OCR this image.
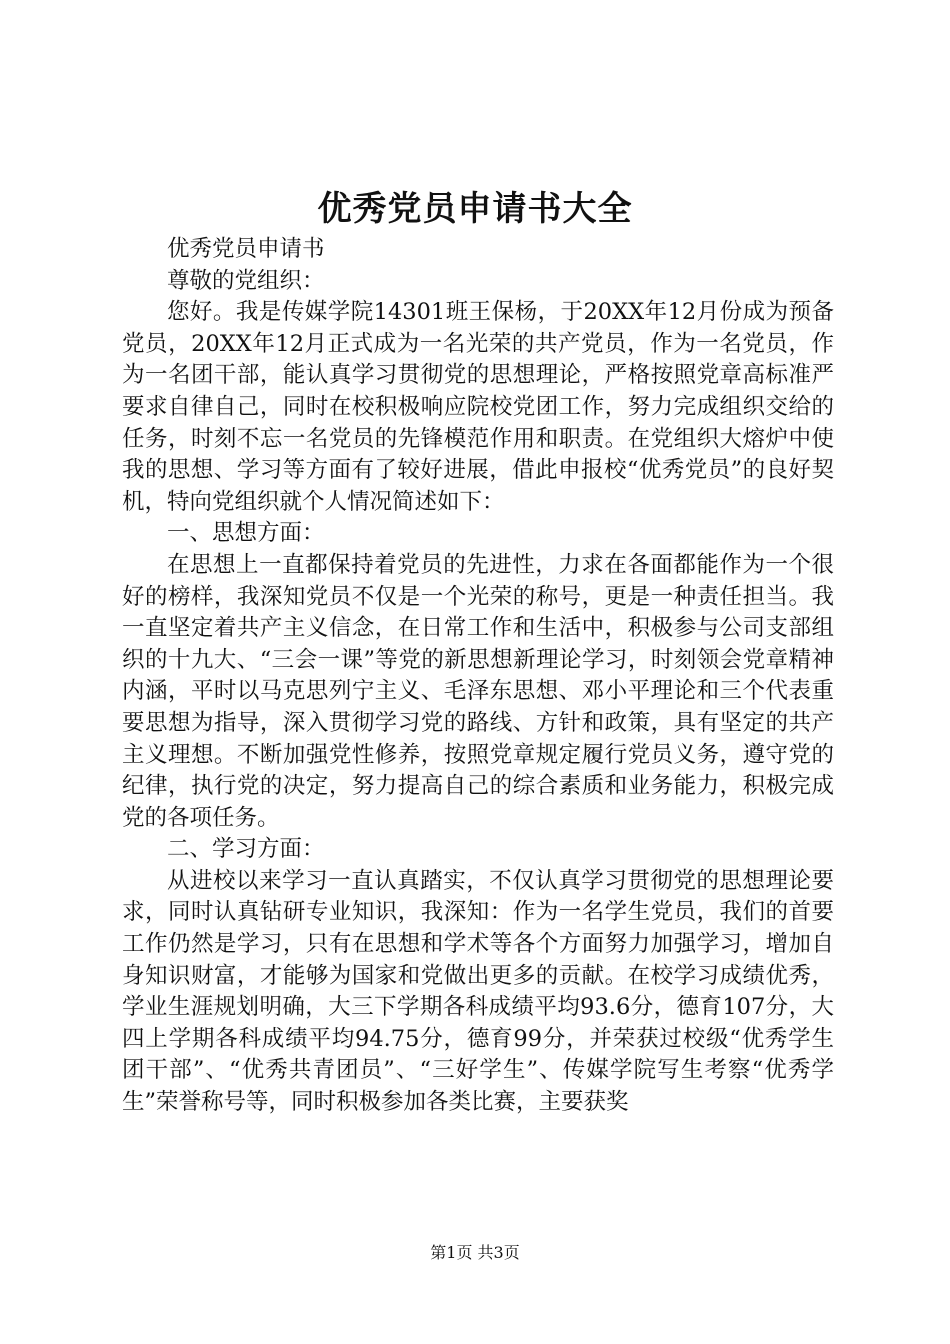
优秀党员申请书大全

优秀党员申请书

尊敬的党组织：

您好。我是传媒学院14301班王保杨，于20XX年12月份成为预备党员，20XX年12月正式成为一名光荣的共产党员，作为一名党员，作为一名团干部，能认真学习贯彻党的思想理论，严格按照党章高标准严要求自律自己，同时在校积极响应院校党团工作，努力完成组织交给的任务，时刻不忘一名党员的先锋模范作用和职责。在党组织大熔炉中使我的思想、学习等方面有了较好进展，借此申报校“优秀党员”的良好契机，特向党组织就个人情况简述如下：

一、思想方面：

在思想上一直都保持着党员的先进性，力求在各面都能作为一个很好的榜样，我深知党员不仅是一个光荣的称号，更是一种责任担当。我一直坚定着共产主义信念，在日常工作和生活中，积极参与公司支部组织的十九大、“三会一课”等党的新思想新理论学习，时刻领会党章精神内涵，平时以马克思列宁主义、毛泽东思想、邓小平理论和三个代表重要思想为指导，深入贯彻学习党的路线、方针和政策，具有坚定的共产主义理想。不断加强党性修养，按照党章规定履行党员义务，遵守党的纪律，执行党的决定，努力提高自己的综合素质和业务能力，积极完成党的各项任务。

二、学习方面：

从进校以来学习一直认真踏实，不仅认真学习贯彻党的思想理论要求，同时认真钻研专业知识，我深知：作为一名学生党员，我们的首要工作仍然是学习，只有在思想和学术等各个方面努力加强学习，增加自身知识财富，才能够为国家和党做出更多的贡献。在校学习成绩优秀，学业生涯规划明确，大三下学期各科成绩平均93.6分，德育107分，大四上学期各科成绩平均94.75分，德育99分，并荣获过校级“优秀学生团干部”、“优秀共青团员”、“三好学生”、传媒学院写生考察“优秀学生”荣誉称号等，同时积极参加各类比赛，主要获奖

第1页 共3页
